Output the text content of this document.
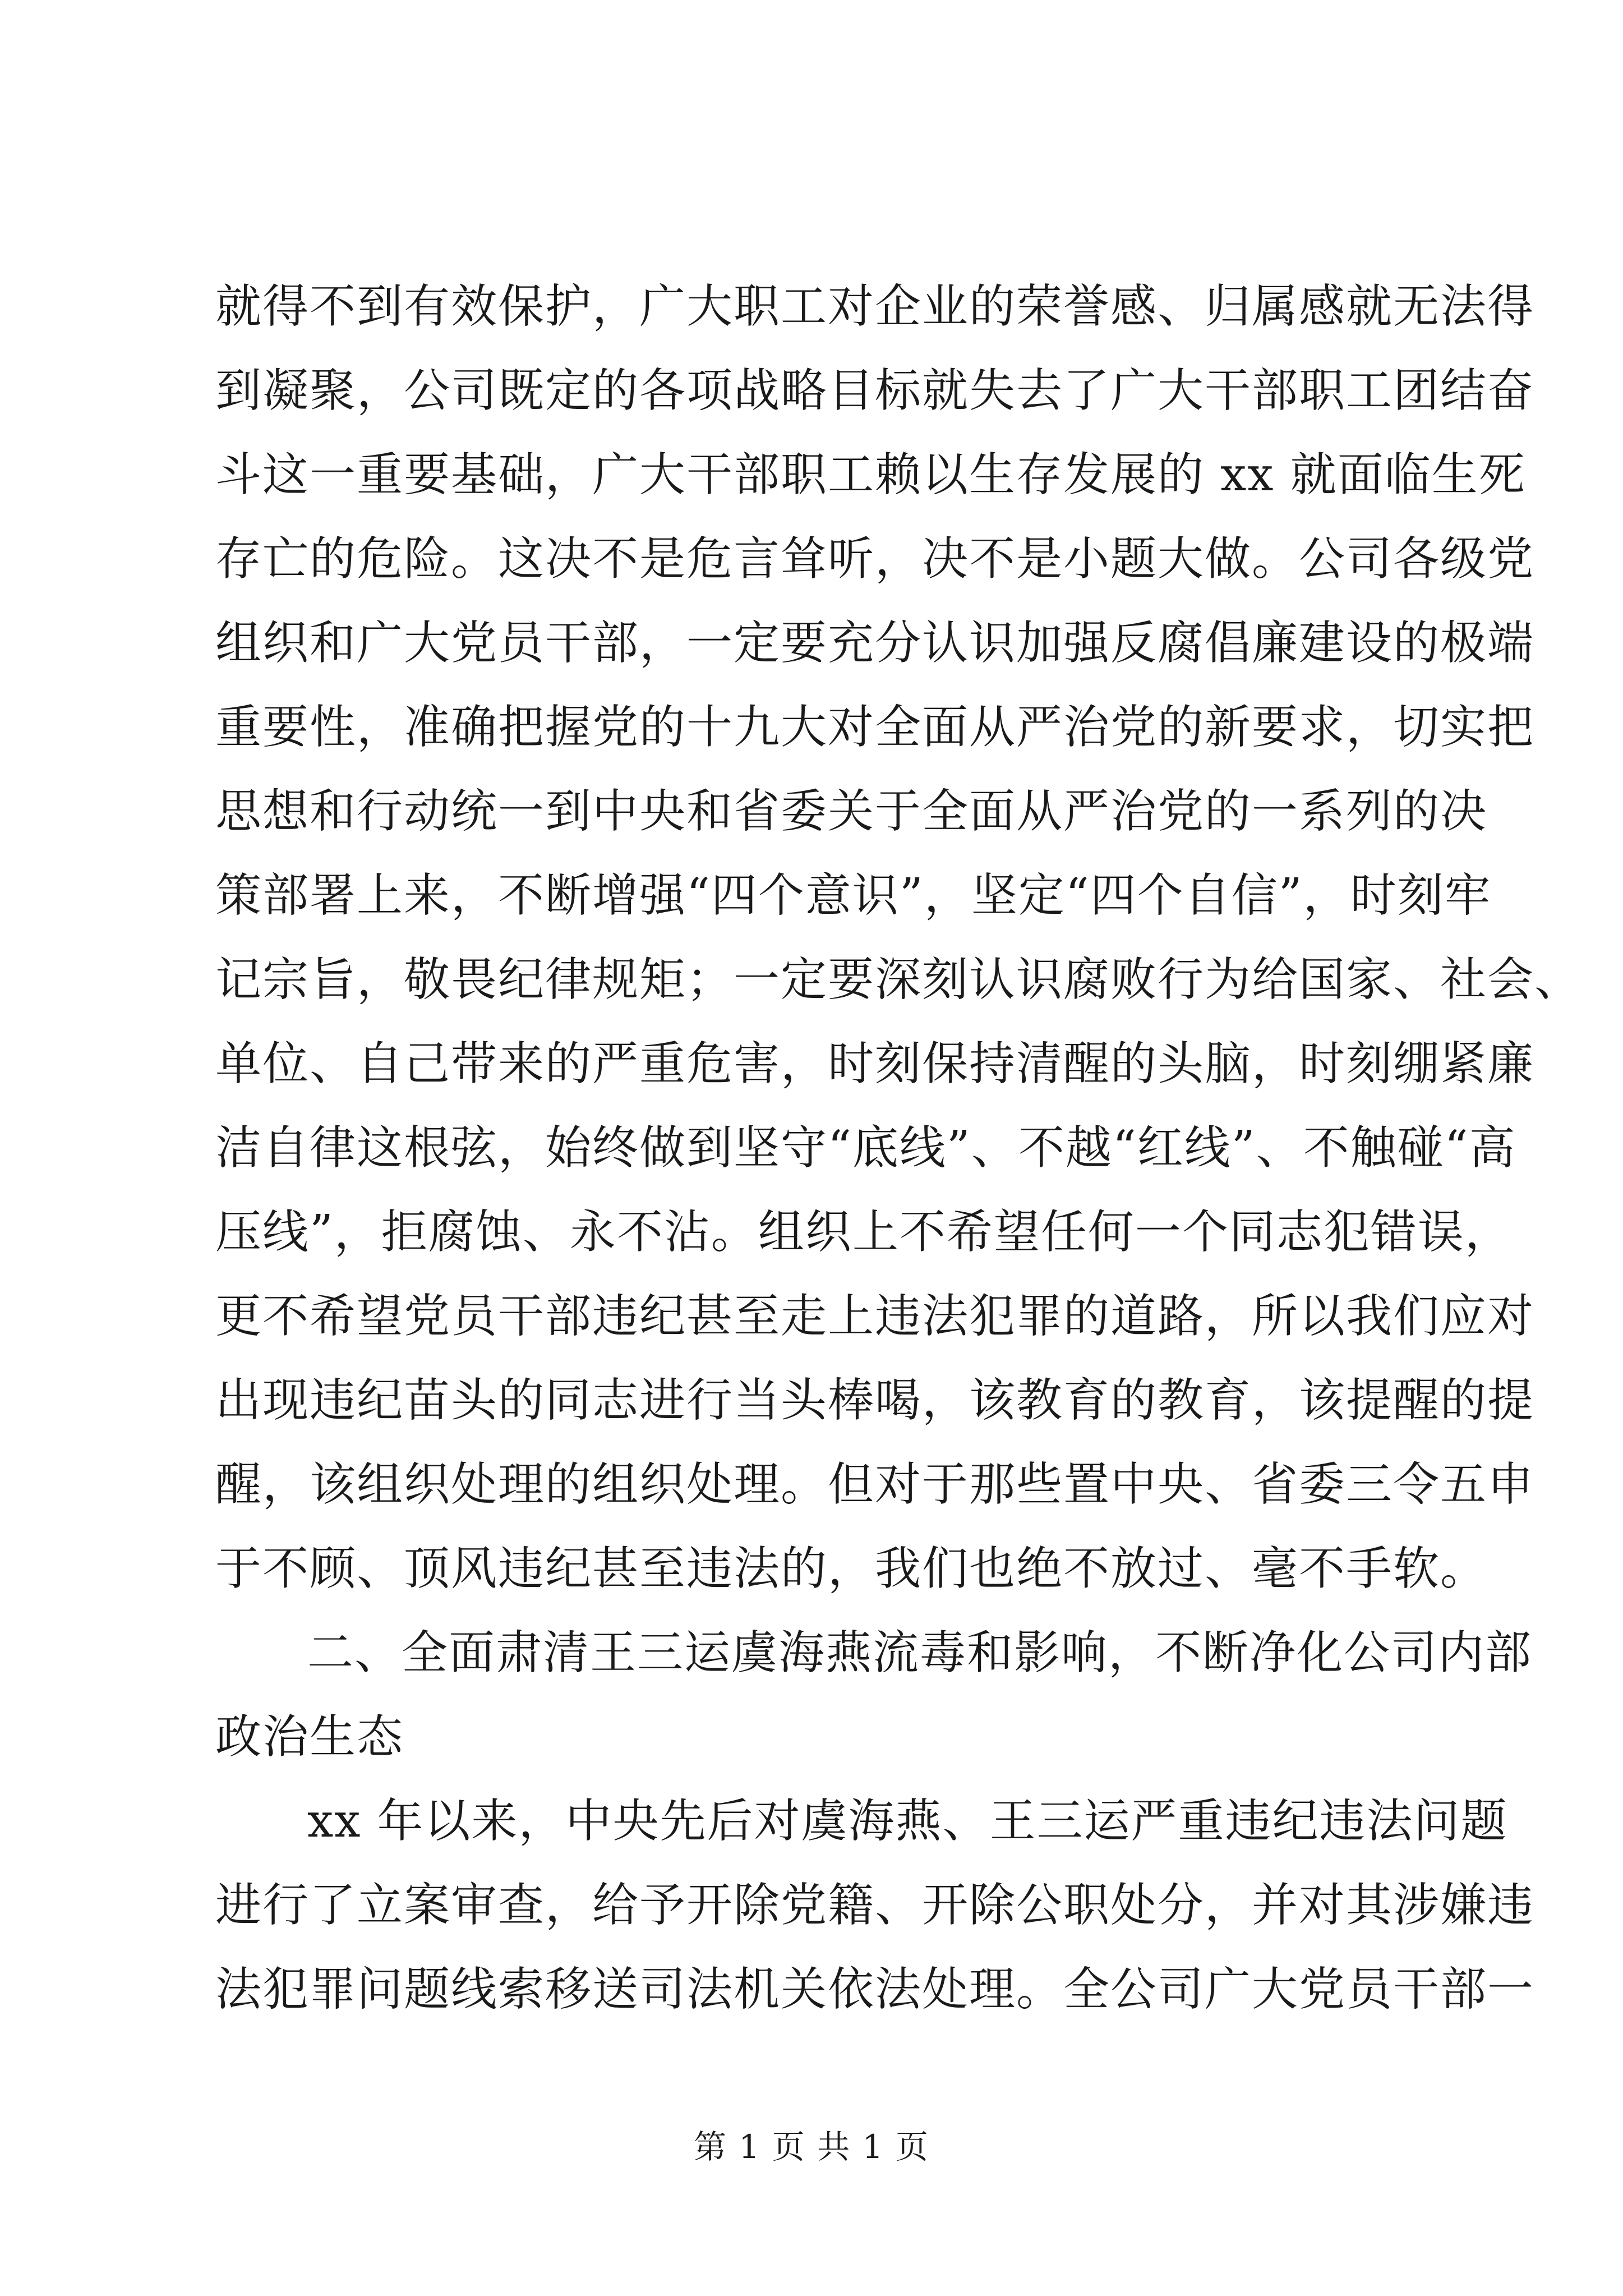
就得不到有效保护，广大职工对企业的荣誉感、归属感就无法得
到凝聚，公司既定的各项战略目标就失去了广大干部职工团结奋
斗这一重要基础，广大干部职工赖以生存发展的 xx 就面临生死
存亡的危险。这决不是危言耸听，决不是小题大做。公司各级党
组织和广大党员干部，一定要充分认识加强反腐倡廉建设的极端
重要性，准确把握党的十九大对全面从严治党的新要求，切实把
思想和行动统一到中央和省委关于全面从严治党的一系列的决
策部署上来，不断增强“四个意识”，坚定“四个自信”，时刻牢
记宗旨，敬畏纪律规矩；一定要深刻认识腐败行为给国家、社会、
单位、自己带来的严重危害，时刻保持清醒的头脑，时刻绷紧廉
洁自律这根弦，始终做到坚守“底线”、不越“红线”、不触碰“高
压线”，拒腐蚀、永不沾。组织上不希望任何一个同志犯错误，
更不希望党员干部违纪甚至走上违法犯罪的道路，所以我们应对
出现违纪苗头的同志进行当头棒喝，该教育的教育，该提醒的提
醒，该组织处理的组织处理。但对于那些置中央、省委三令五申
于不顾、顶风违纪甚至违法的，我们也绝不放过、毫不手软。
二、全面肃清王三运虞海燕流毒和影响，不断净化公司内部
政治生态
xx 年以来，中央先后对虞海燕、王三运严重违纪违法问题
进行了立案审查，给予开除党籍、开除公职处分，并对其涉嫌违
法犯罪问题线索移送司法机关依法处理。全公司广大党员干部一
第 1 页 共 1 页
